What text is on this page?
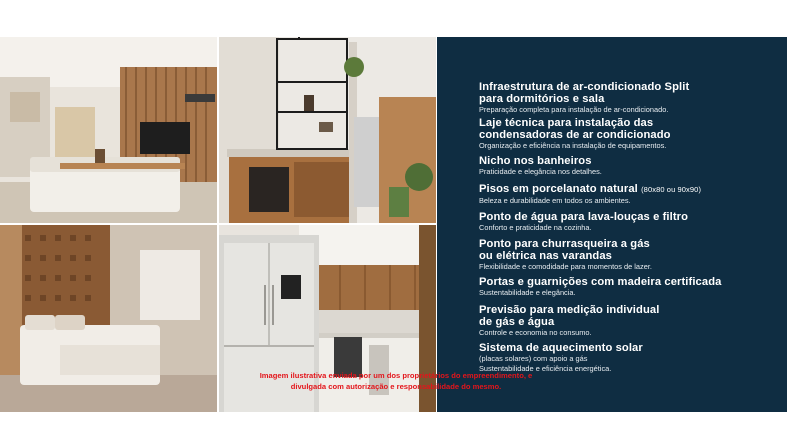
Infraestrutura de ar-condicionado Split
para dormitórios e sala
Preparação completa para instalação de ar-condicionado.
Laje técnica para instalação das
condensadoras de ar condicionado
Organização e eficiência na instalação de equipamentos.
Nicho nos banheiros
Praticidade e elegância nos detalhes.
Pisos em porcelanato natural (80x80 ou 90x90)
Beleza e durabilidade em todos os ambientes.
Ponto de água para lava-louças e filtro
Conforto e praticidade na cozinha.
Ponto para churrasqueira a gás
ou elétrica nas varandas
Flexibilidade e comodidade para momentos de lazer.
Portas e guarnições com madeira certificada
Sustentabilidade e elegância.
Previsão para medição individual
de gás e água
Controle e economia no consumo.
Sistema de aquecimento solar
(placas solares) com apoio a gás
Sustentabilidade e eficiência energética.
Imagem ilustrativa enviada por um dos proprietários do empreendimento, e
divulgada com autorização e responsabilidade do mesmo.
